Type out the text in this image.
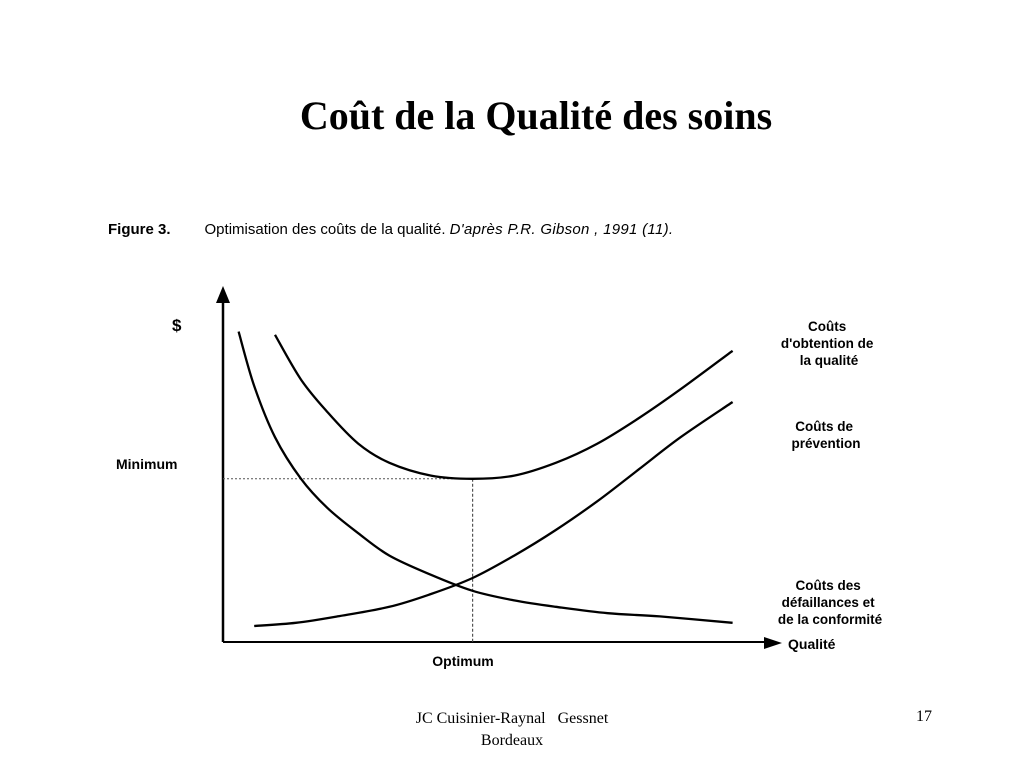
Coût de la Qualité des soins
Figure 3. Optimisation des coûts de la qualité. D'après P.R. Gibson , 1991 (11).
$
Qualité
Minimum
Optimum
Coûts d'obtention de la qualité
Coûts de prévention
Coûts des défaillances et de la conformité
JC Cuisinier-Raynal   Gessnet
Bordeaux
17
